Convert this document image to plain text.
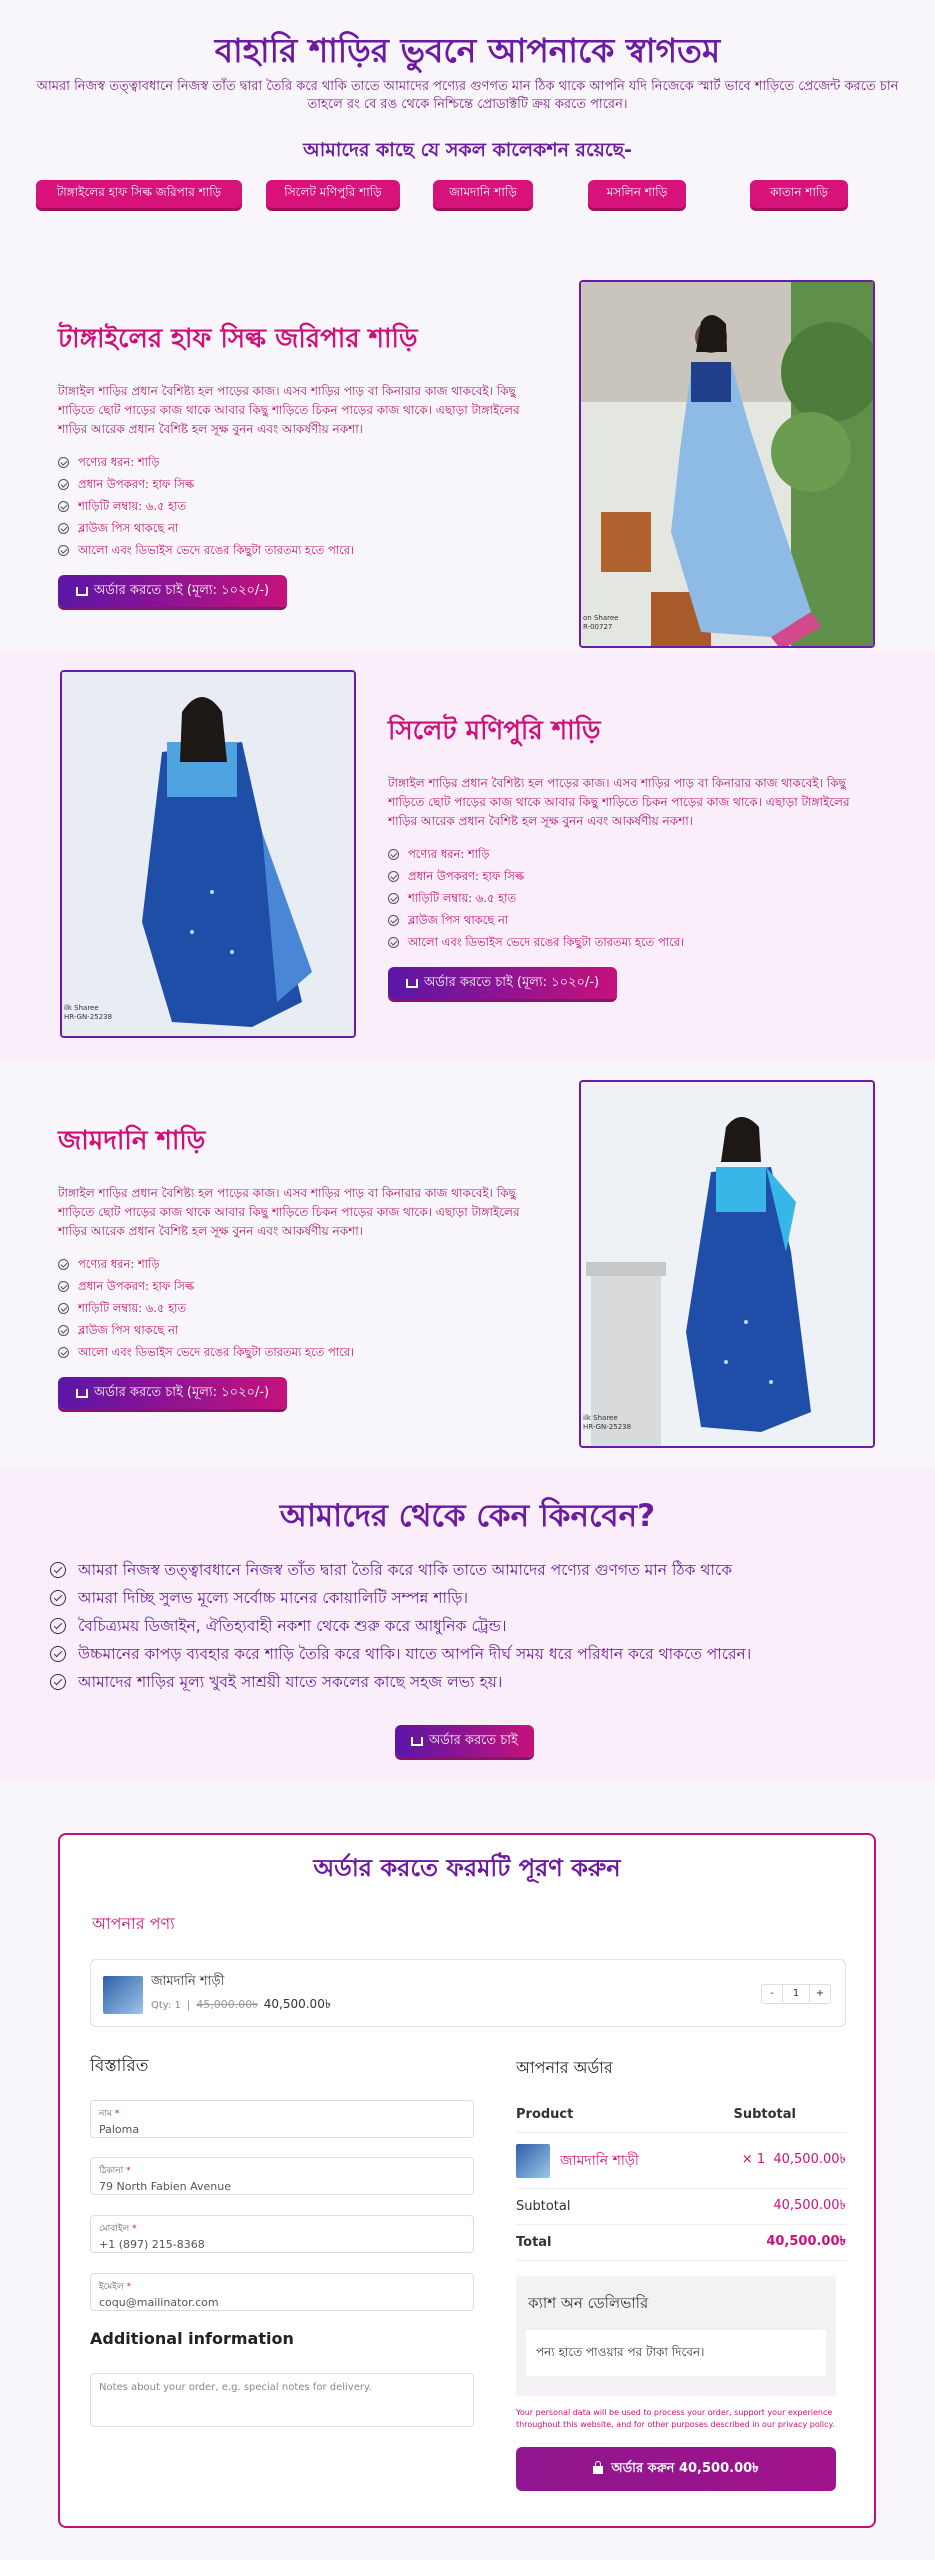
বাহারি শাড়ির ভুবনে আপনাকে স্বাগতম

আমরা নিজস্ব তত্ত্বাবধানে নিজস্ব তাঁত দ্বারা তৈরি করে থাকি তাতে আমাদের পণ্যের গুণগত মান ঠিক থাকে আপনি যদি নিজেকে স্মার্ট ভাবে শাড়িতে প্রেজেন্ট করতে চান তাহলে রং বে রঙ থেকে নিশ্চিন্তে প্রোডাক্টটি ক্রয় করতে পারেন।

আমাদের কাছে যে সকল কালেকশন রয়েছে-
টাঙ্গাইলের হাফ সিল্ক জরিপার শাড়ি	সিলেট মণিপুরি শাড়ি	জামদানি শাড়ি	মসলিন শাড়ি	কাতান শাড়ি
টাঙ্গাইলের হাফ সিল্ক জরিপার শাড়ি

টাঙ্গাইল শাড়ির প্রধান বৈশিষ্ট্য হল পাড়ের কাজ। এসব শাড়ির পাড় বা কিনারার কাজ থাকবেই। কিছু শাড়িতে ছোট পাড়ের কাজ থাকে আবার কিছু শাড়িতে চিকন পাড়ের কাজ থাকে। এছাড়া টাঙ্গাইলের শাড়ির আরেক প্রধান বৈশিষ্ট হল সূক্ষ বুনন এবং আকর্ষণীয় নকশা।

পণ্যের ধরন: শাড়ি
প্রধান উপকরণ: হাফ সিল্ক
শাড়িটি লম্বায়: ৬.৫ হাত
ব্লাউজ পিস থাকছে না
আলো এবং ডিভাইস ভেদে রঙের কিছুটা তারতম্য হতে পারে।
অর্ডার করতে চাই (মূল্য: ১০২০/-)
on Sharee
R-00727
ilk Sharee
HR-GN-25238
সিলেট মণিপুরি শাড়ি

টাঙ্গাইল শাড়ির প্রধান বৈশিষ্ট্য হল পাড়ের কাজ। এসব শাড়ির পাড় বা কিনারার কাজ থাকবেই। কিছু শাড়িতে ছোট পাড়ের কাজ থাকে আবার কিছু শাড়িতে চিকন পাড়ের কাজ থাকে। এছাড়া টাঙ্গাইলের শাড়ির আরেক প্রধান বৈশিষ্ট হল সূক্ষ বুনন এবং আকর্ষণীয় নকশা।

পণ্যের ধরন: শাড়ি
প্রধান উপকরণ: হাফ সিল্ক
শাড়িটি লম্বায়: ৬.৫ হাত
ব্লাউজ পিস থাকছে না
আলো এবং ডিভাইস ভেদে রঙের কিছুটা তারতম্য হতে পারে।
অর্ডার করতে চাই (মূল্য: ১০২০/-)
জামদানি শাড়ি

টাঙ্গাইল শাড়ির প্রধান বৈশিষ্ট্য হল পাড়ের কাজ। এসব শাড়ির পাড় বা কিনারার কাজ থাকবেই। কিছু শাড়িতে ছোট পাড়ের কাজ থাকে আবার কিছু শাড়িতে চিকন পাড়ের কাজ থাকে। এছাড়া টাঙ্গাইলের শাড়ির আরেক প্রধান বৈশিষ্ট হল সূক্ষ বুনন এবং আকর্ষণীয় নকশা।

পণ্যের ধরন: শাড়ি
প্রধান উপকরণ: হাফ সিল্ক
শাড়িটি লম্বায়: ৬.৫ হাত
ব্লাউজ পিস থাকছে না
আলো এবং ডিভাইস ভেদে রঙের কিছুটা তারতম্য হতে পারে।
অর্ডার করতে চাই (মূল্য: ১০২০/-)
ilk Sharee
HR-GN-25238
আমাদের থেকে কেন কিনবেন?
আমরা নিজস্ব তত্ত্বাবধানে নিজস্ব তাঁত দ্বারা তৈরি করে থাকি তাতে আমাদের পণ্যের গুণগত মান ঠিক থাকে
আমরা দিচ্ছি সুলভ মূল্যে সর্বোচ্চ মানের কোয়ালিটি সম্পন্ন শাড়ি।
বৈচিত্র্যময় ডিজাইন, ঐতিহ্যবাহী নকশা থেকে শুরু করে আধুনিক ট্রেন্ড।
উচ্চমানের কাপড় ব্যবহার করে শাড়ি তৈরি করে থাকি। যাতে আপনি দীর্ঘ সময় ধরে পরিধান করে থাকতে পারেন।
আমাদের শাড়ির মূল্য খুবই সাশ্রয়ী যাতে সকলের কাছে সহজ লভ্য হয়।
অর্ডার করতে চাই
অর্ডার করতে ফরমটি পূরণ করুন
আপনার পণ্য
জামদানি শাড়ী
Qty: 1 | 45,000.00৳ 40,500.00৳
-	1	+
বিস্তারিত
নাম *
Paloma
ঠিকানা *
79 North Fabien Avenue
মোবাইল *
+1 (897) 215-8368
ইমেইল *
coqu@mailinator.com
Additional information
Notes about your order, e.g. special notes for delivery.
আপনার অর্ডার
Product	Subtotal
জামদানি শাড়ী	× 1 40,500.00৳
Subtotal	40,500.00৳
Total	40,500.00৳
ক্যাশ অন ডেলিভারি
পন্য হাতে পাওয়ার পর টাকা দিবেন।
Your personal data will be used to process your order, support your experience throughout this website, and for other purposes described in our privacy policy.
অর্ডার করুন 40,500.00৳
